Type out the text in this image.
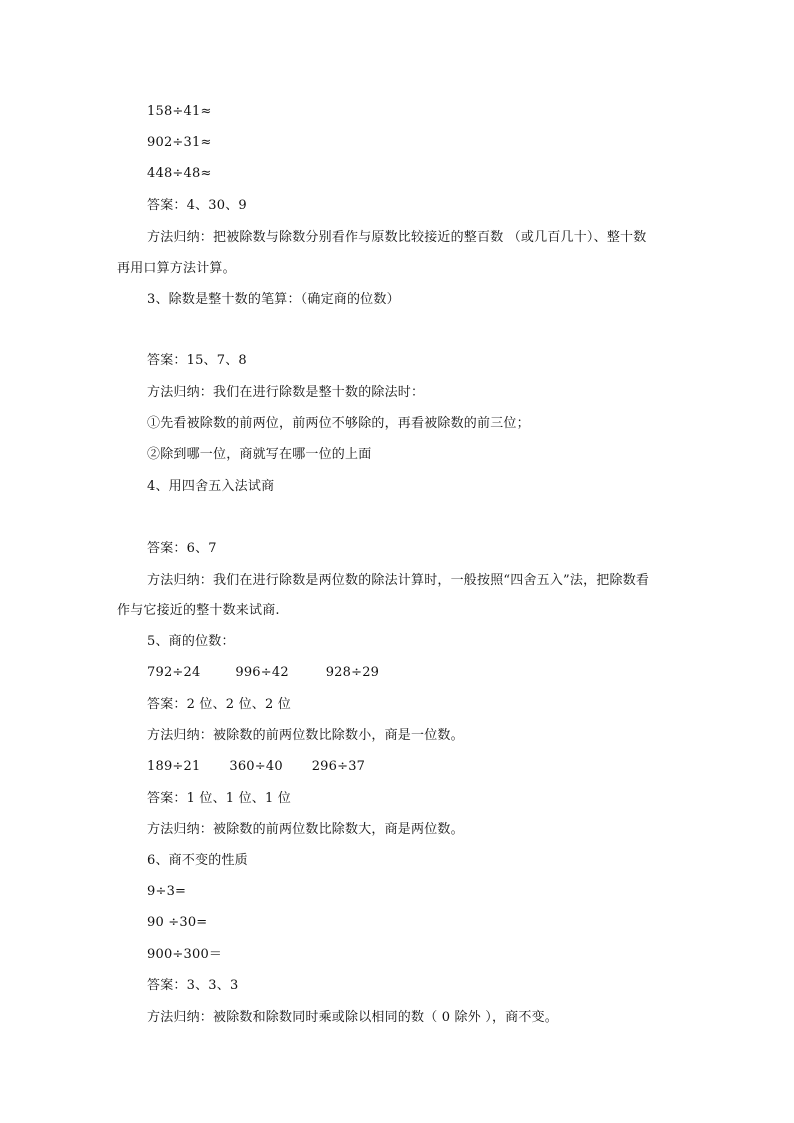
158÷41≈
902÷31≈
448÷48≈
答案：4、30、9
方法归纳：把被除数与除数分别看作与原数比较接近的整百数 （或几百几十）、整十数
再用口算方法计算。
3、除数是整十数的笔算：（确定商的位数）
答案：15、7、8
方法归纳：我们在进行除数是整十数的除法时：
①先看被除数的前两位，前两位不够除的，再看被除数的前三位；
②除到哪一位，商就写在哪一位的上面
4、用四舍五入法试商
答案：6、7
方法归纳：我们在进行除数是两位数的除法计算时，一般按照“四舍五入”法，把除数看
作与它接近的整十数来试商.
5、商的位数：
792÷24	996÷42	928÷29
答案：2 位、2 位、2 位
方法归纳：被除数的前两位数比除数小，商是一位数。
189÷21 360÷40 296÷37
答案：1 位、1 位、1 位
方法归纳：被除数的前两位数比除数大，商是两位数。
6、商不变的性质
9÷3=
90 ÷30=
900÷300＝
答案：3、3、3
方法归纳：被除数和除数同时乘或除以相同的数（ 0 除外 ），商不变。
